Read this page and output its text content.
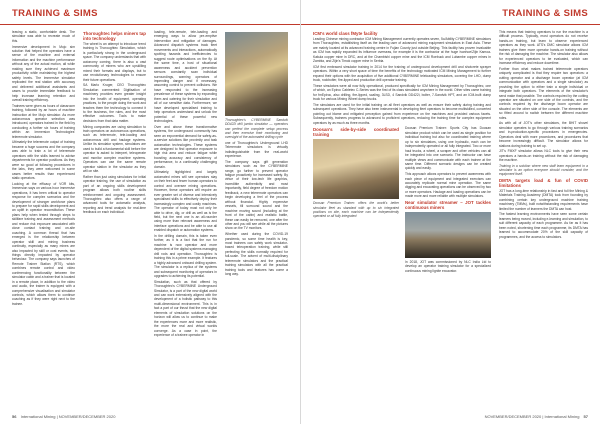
TRAINING & SIMS

leaving a static, comfortable desk. The simulator was able to recreate much of this.

Immersive development in Mojo sim solution that helped the operators have a sense of the machine and external information and the machine performance without any of the actual motion, all while making sure they achieved maximum productivity while maintaining the highest safety levels. The Immersive simulator replicated the real station with accuracy and delivered additional assistants and cases to provide immediate feedback to help increase learning retention and overall training efficiency.

Trainees were given as hours of classroom training, followed by an hours of machine instruction at the Mojo simulator. As more autonomous operator selection was introduced, operators trained in the field by conducting a further six hours of training within an Immersion Technologies' teleremote simulator.

Ultimately the teleremote output of training became a huge success and the company was able to train a lot of teleremote operators with the skills learned to advise departments for operator positions. As they were so good at following procedures in the labs, they were welcomed in some cases better results than experienced static operators.

Looking at the efficacy of VOR kits, Immersion says on various hour immersive operations, it has been critical to operator response for complex scenarios and the development of stronger workforce plans to prepare for rapid skills development and an uplift in operator reconstitution. These plans help when tested through steps to skillfare training and assessment methods and reduce risk exposure associated with close contact training and on-site coaching. A common thread that has emerged is the relationship between operator skill and mining business continuity, especially as many mines are also impacted by skill or cost events, two things directly impacted by operator behaviour. The company says launches of Remote Trainer Station (RTS), which combines remote control and video conferencing functionality between the simulator cabin and a trainer that is located in a remote place, in addition to the video and audio, the trainer is equipped with a comprehensive visualisation and simulator controls, which allows them to continue coaching as if they were right next to the trainee.

Thoroughtec helps miners tap into technology

The wheel is an attempt to introduce trend training is Thoroughtec Simulation, which is particularly strong in the underground space. The company understands that with autonomy coming, there is also a vast community of miners who are upskilling mixed their formats and displays, but to use revolutionary technologies to ensure their future operations.

SA Marlo Kruger, CEO Thoroughtec Simulation commented: Digitisation of machinery provides even greater insight into the health of equipment, operating practices, to the people doing the work and teaches them the technology to connect it to the business, the rules, and the most effective outcomes. Tools to make decisions from that data matter.

Mining companies are using simulation to train operators on autonomous operations, such as teleremote, tele-loading and autonomous drill and haulage systems. Unlike its simulator system, simulators are used to build a fundamental skill before the operator is asked to interpret, teleoperate and monitor complex machine systems. Operators can use the same remote operator station in the simulator as they will on site.

Rather than just using simulators for initial operator training, the use of simulation as part of an ongoing skills development program allows both routine skills reinforcement and ongoing assessment. Thoroughtec also offers a range of advanced tools for automatic analysis, reporting and trend analysis for real-time feedback on each individual.

loading, tele-remote, tele-loading and emerging ways to allow pre-emptive intervention and mitigation of damages. Advanced dispatch systems track fleet movements and interactions, automatically spotting hazards and inefficiencies to suggest route optimisations on the fly. At the same time, a host of situational awareness and accident prevention sensors constantly scan individual surroundings, warning operators of impending danger and if necessary, assuming control to prevent collisions. We have responded to the increasing prevalence of these systems by expanding them and catering for their simulation and all of our sensitive data. Furthermore, we have developed specialised training to help operators understand and unlock the potential of these powerful new technologies.

Over and above these transformative systems, the underground community has seen an exponential demand for safety-as-a-service solutions like proximity and task automation technologies. These systems are designed to find operator exposure to high risk area and reduce fatigue while boosting accuracy and consistency of performance, to a continually challenging domain.

Ultimately, highlighted and largely automated mines will see operators stay on their feet and fewer human operators to control and oversee mining operations. However, these operators will require an ever greater set of diverse and intensively specialised skills to effectively deploy their increasingly complex and costly machines. The operator of today must not only be able to drive, dig, or drill as well as is the field, but the next one is an all-rounder using more than relevant awareness and interface operations and be able to use all enabled dispatch or automation systems.

In the drilling domain, this is taken even further, as it is a fact that the run for machine is now operator and more dependent of the digital systems managing drill rods and operation. Thoroughtec is training this in a prime example. It features a highly advanced onboard drilling system. The simulator is a replica of the systems and subsequent monitoring of operators in upgrades to achieving its potential.

Simulation, such as that offered by Thoroughtec's CYBERMINE Underground Simulator, is a part of the new digital world and can work extensively aligned with the development of a holistic pathway to this multi-dimensional environment. This is in fact a part of our thrust that the new digital elements of simulation solutions on the horizon will allow us to continue to make the experiences more and more realistic, the more the real and virtual worlds converge. As a case in point, the experience of a trainee operator in

Thoroughtec's CYBERMINE Sandvik DD422i drill jumbo simulator — operators can perfect the complete setup process and then exercise their monitoring and oversight of the automated drilling cycle

one of Thoroughtec's Underground LHD Teleremote simulators is virtually indistinguishable from the real-world experience.

The company says gift generation simulators such as the CYBERMINE range, go further to prevent operator fatigue proactively for increased safety. By virtue of their low-tech life graphics, incredible authenticity and most importantly, field degree of freedom motion feedback, a new teleremote operators can begin developing a feel of the process without financial. Highly expensive vessels, till surround sound and the machine moving sound (including at the front of the cabin) and realistic battle, these can easily be removed, one after the other and you will see while all the pictures show on the TV monitors.

Whether used during the COVID-19 pandemic, so some time health is key, most trainees can safely work simulator-based teleoperation training, while still perfecting the skills normally required for full-scale. The advent of multi-disciplinary teleremote simulators and the practical training simulators with all the practical training tools and features has come a long way.

56 International Mining | NOVEMBER/DECEMBER 2020
TRAINING & SIMS
ICM's world class fMyte facility

Leading Chinese mining contractor ICM Mining Management currently operates seven, 5o/Ability CYBERMINE simulators from Thoroughtec, establishing itself as the leading user of advanced mining equipment simulators in East Asia. These are mainly located at its advanced training centre in Fujian County just outside Beijing. This facility has proven invaluable as ICM has rapidly expanded its influence overseas, for example it is the contractor at the huge Ivanhoe/Zijin Kamoa-Kakula copper mine in DRC, and at the Chambishi copper mine and the ICM Roebuck and Lubambe copper mines in Zambia, and Zijin's Timok copper mine in Serbia.

ICM first embraced simulator training in 2014 for the training of underground development drill and shotcrete sprayer operators. Within a very short space of time the benefits of the technology motivated ICM Mining Management to further expand their options with the acquisition of five additional CYBERMINE teleloading simulators, covering the LHD, dump truck, rockbolter, fire-lipped and production drill operator training.

These simulators were all now fully operational, produced specifically for ICM Mining Management by Thoroughtec, one of which, an Epiroc Cabletec C-Series was the first of its class simulated anywhere in the world. Other sites came training for fmEpiroc, also drilling, fire-lipped, scaling, 3LSD, 4 Sandvik DD422i, bolter, 7-Sandvik HPT, and an ICM-built dump truck for various Mining Wheel dump trucks.

The simulators are used for the initial training on all fleet operators as well as ensure their safety during training and subsequent operations. They have also been instrumental in developing fleet operators to become multiskilled, concerted pointing out blame and mitigated perception gained from experience on the machines and provided various facets. Subsequently, trainees progress to advanced to proficient operators, reducing the training time for complex equipment operators by as much as three months.

Doosan's side-by-side coordinated training

Doosan Premium Trainer: offers the world's better simulator fleet as standard with up to six integrated positions on site, each machine can be independently operated or all fully integrated

Doosan Premium Trainer: Sports City has Doosan simulator product which can be used as single position for individual training but also for coordinated training where up to six simulators, using one hydraulic, each can be independently operated or all fully integrated. Two or more haul trucks, a wheel, a scraper and other vehicles can all be integrated into one scenario. The instructor can have multiple views and communicate with each trainee at the same time. Different scenario designs can be created quickly and easily.

This approach allows operators to prevent awareness with each piece of equipment and integrated exercises can accurately replicate normal mine operation. The same digging and excavating operations can be observed by two or more operators. Haulage and loading operations can be made more and more reliable with multiple simulators.

Near simulator streamer – JOT tackles continuous miners

In 2018, JOT was commissioned by NLC India Ltd to develop an operator training simulator for a specialized continuous mining lignite excavator.

This means that training operators to run the machine is a difficult process. Typically, most operators do not receive hands-on training, but learn to observe experienced operators as they work. ATS's DMC simulator allows ICM trainers give them more operator hands-on training without the risk of damaging the machine. The simulator also allows for experienced operators to be evaluated, which can increase efficiency and reduce downtime.

Further than what makes trained teleremote operators uniquely complicated is that they require two operators: a cutting operator and a discharge boom operator (at ICM communication with operators and a single simulator) as providing the option to either train a single individual or integrate both operators. The elements of the simulator's send make that possible. The controls required by the cutting operator are situated on one side of the controls, and the controls required by the discharge boom operator are situated on the other side of the console. The elements are so fitted around to switch between the different machine roles.

As with all of JOT's other simulators, the BHIT shovel simulator operates to go through various training scenarios and in-production-specific procedures in emergencies. Operators deal with more procedures, and procedures that become increasingly difficult. The simulator allows for stations during training to set up.

JIT's FMXF simulator allows NLC tools to give their new operators a hands-on training without the risk of damaging the machine.

Training in a solution where new staff learn equipment in a simulator is an option everyone should consider, and the equipment itself.

DMTA targets load & fun of COVID limitations

JOT has a long-time relationship in fast and full the Mining & Materials Training Academy (DMTA) took from founding by combining certain key underground machine training machinery (TMMs), built notwithstanding requirements have limited the number of learners the DMTA can host.

The fastest learning environments have seen some certain learners being moved, including e-learning and simulation, to suit different capacity of each programme. As far as it has been noted, shortening time each programme, its DMTA has learned to accommodate 20% of the skill capacity of programmes, and the access to simulators.

NOVEMBER/DECEMBER 2020 | International Mining 57
